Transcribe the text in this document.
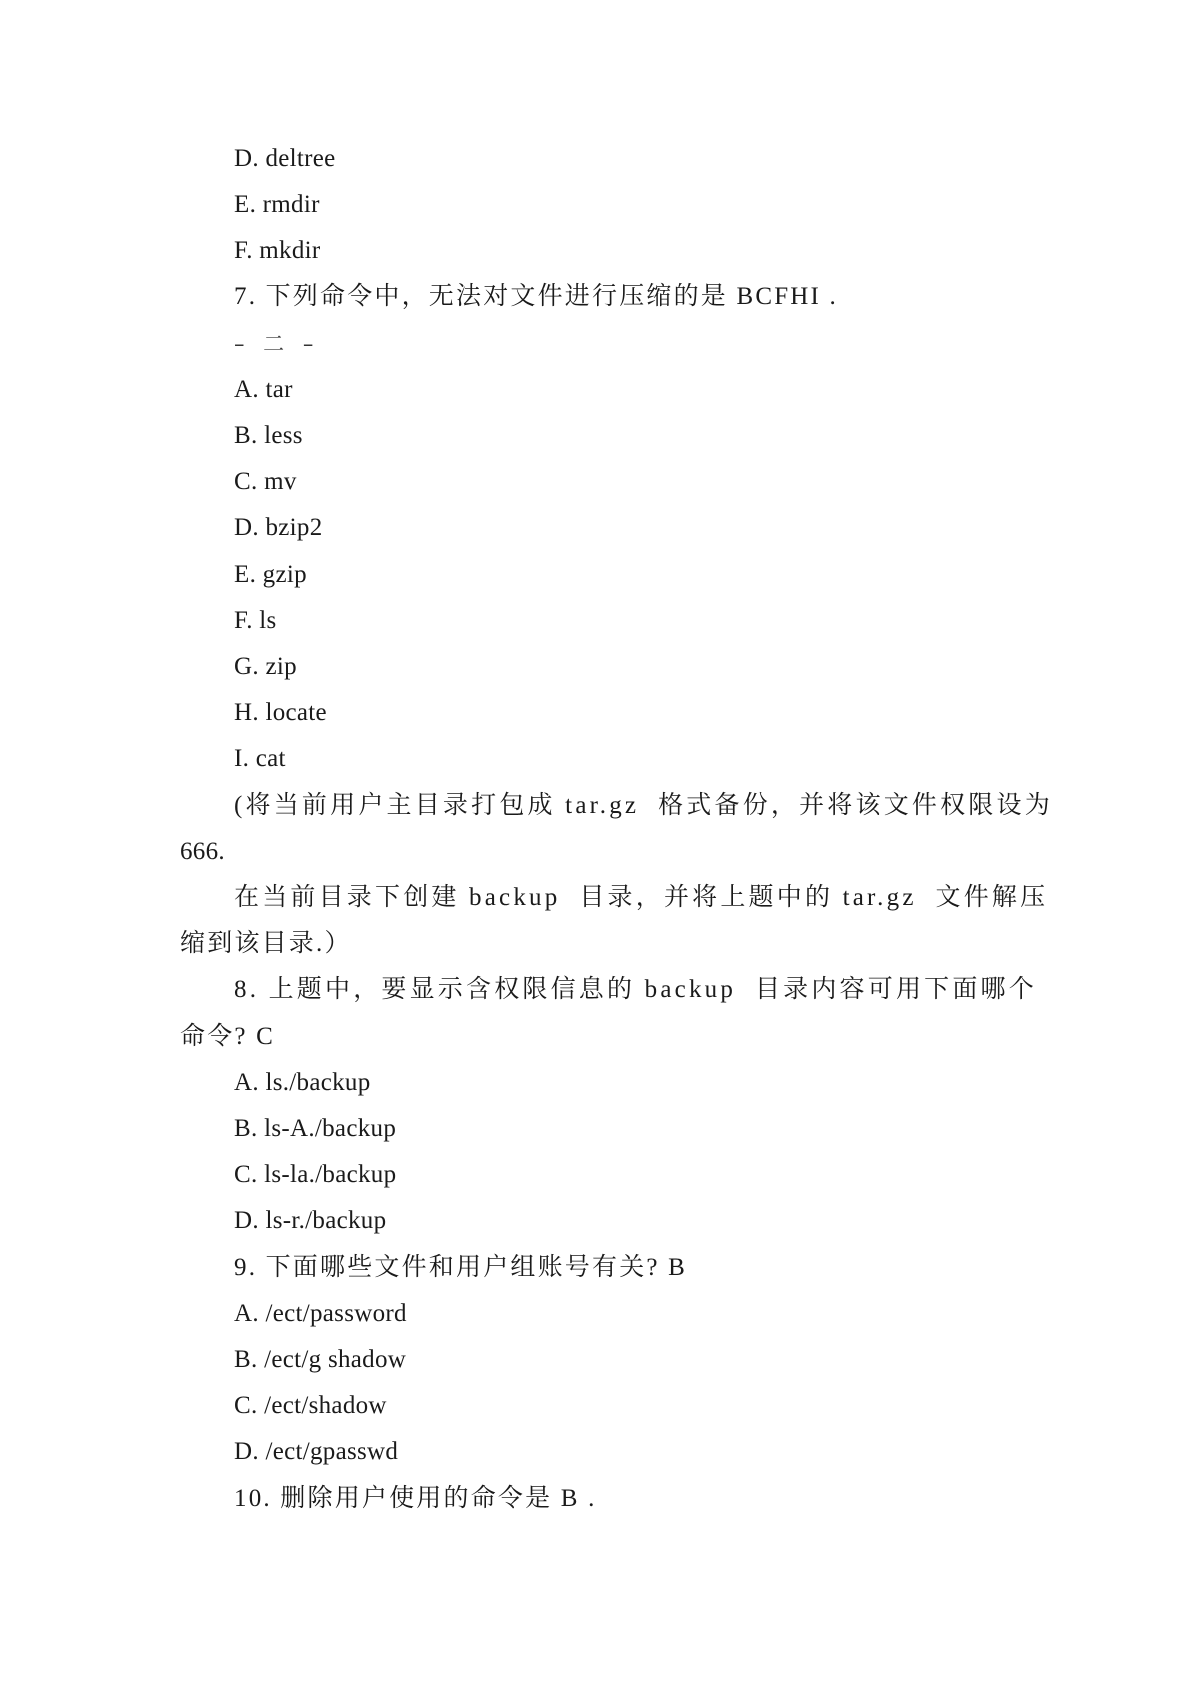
D. deltree
E. rmdir
F. mkdir
7. 下列命令中，无法对文件进行压缩的是 BCFHI .
– 二 –
A. tar
B. less
C. mv
D. bzip2
E. gzip
F. ls
G. zip
H. locate
I. cat
(将当前用户主目录打包成 tar.gz  格式备份，并将该文件权限设为
666.
在当前目录下创建 backup  目录，并将上题中的 tar.gz  文件解压
缩到该目录.）
8. 上题中，要显示含权限信息的 backup  目录内容可用下面哪个
命令? C
A. ls./backup
B. ls-A./backup
C. ls-la./backup
D. ls-r./backup
9. 下面哪些文件和用户组账号有关? B
A. /ect/password
B. /ect/g shadow
C. /ect/shadow
D. /ect/gpasswd
10. 删除用户使用的命令是 B .
